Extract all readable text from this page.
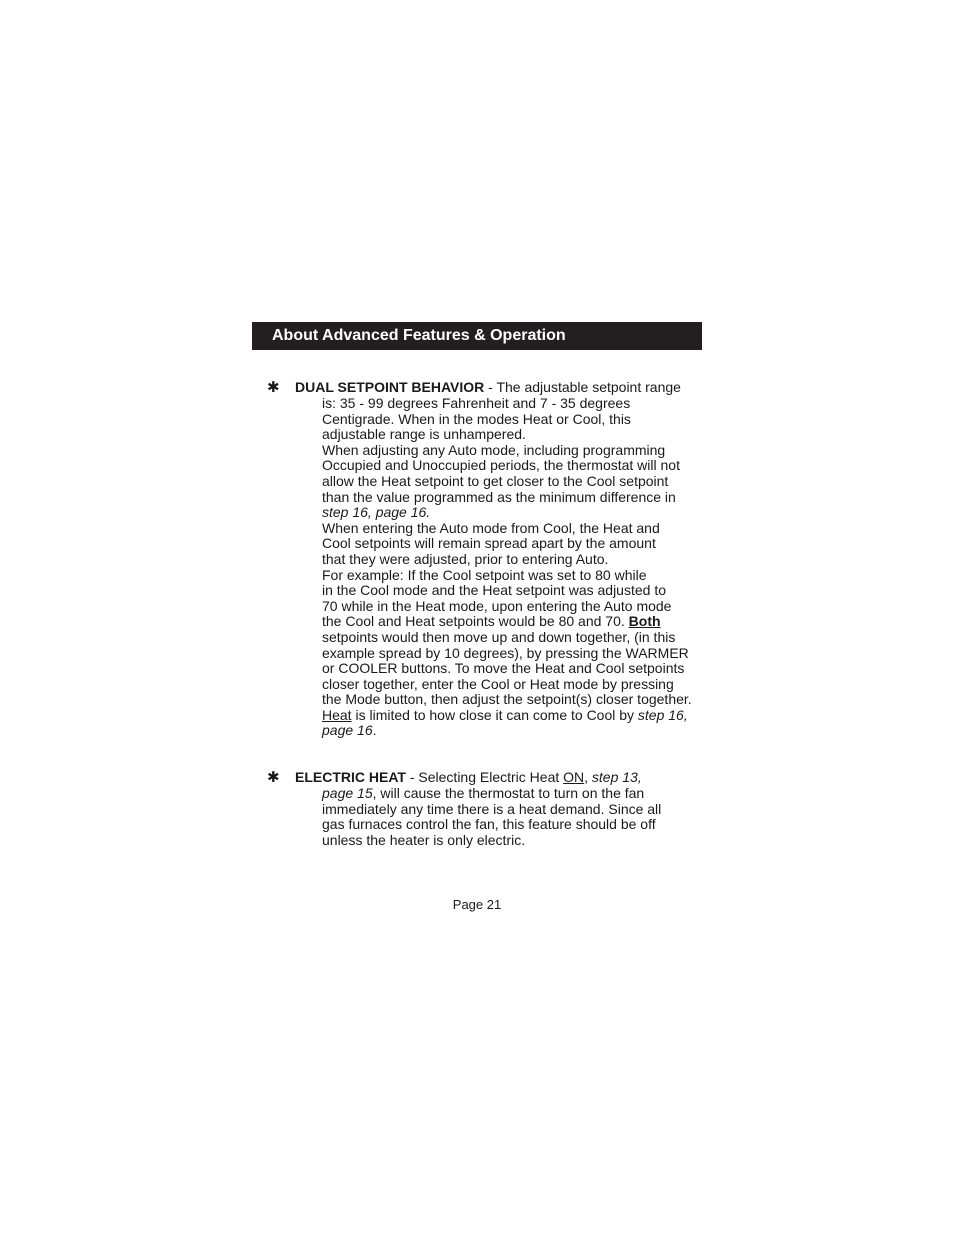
About Advanced Features & Operation
✱ DUAL SETPOINT BEHAVIOR - The adjustable setpoint range
is: 35 - 99 degrees Fahrenheit and 7 - 35 degrees
Centigrade. When in the modes Heat or Cool, this
adjustable range is unhampered.
When adjusting any Auto mode, including programming
Occupied and Unoccupied periods, the thermostat will not
allow the Heat setpoint to get closer to the Cool setpoint
than the value programmed as the minimum difference in
step 16, page 16.
When entering the Auto mode from Cool, the Heat and
Cool setpoints will remain spread apart by the amount
that they were adjusted, prior to entering Auto.
For example: If the Cool setpoint was set to 80 while
in the Cool mode and the Heat setpoint was adjusted to
70 while in the Heat mode, upon entering the Auto mode
the Cool and Heat setpoints would be 80 and 70. Both
setpoints would then move up and down together, (in this
example spread by 10 degrees), by pressing the WARMER
or COOLER buttons. To move the Heat and Cool setpoints
closer together, enter the Cool or Heat mode by pressing
the Mode button, then adjust the setpoint(s) closer together.
Heat is limited to how close it can come to Cool by step 16,
page 16.
✱ ELECTRIC HEAT - Selecting Electric Heat ON, step 13,
page 15, will cause the thermostat to turn on the fan
immediately any time there is a heat demand. Since all
gas furnaces control the fan, this feature should be off
unless the heater is only electric.
Page 21
